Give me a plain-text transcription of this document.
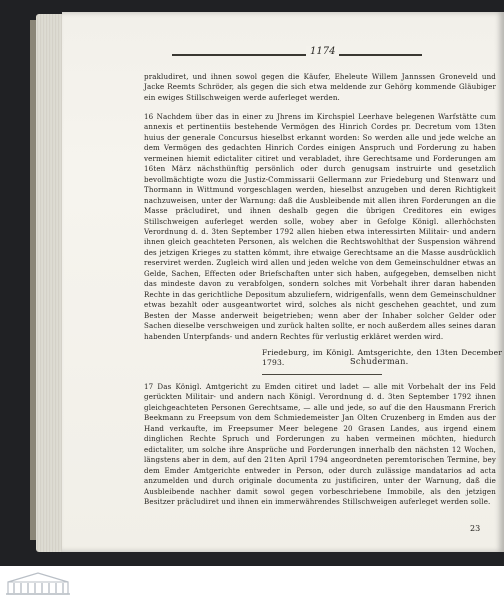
1174
prakludiret, und ihnen sowol gegen die Käufer, Eheleute Willem Jannssen Groneveld und Jacke Reemts Schröder, als gegen die sich etwa meldende zur Gehörg kommende Gläubiger ein ewiges Stillschweigen werde auferleget werden.
16 Nachdem über das in einer zu Jhrens im Kirchspiel Leerhave belegenen Warfstätte cum annexis et pertinentiis bestehende Vermögen des Hinrich Cordes pr. Decretum vom 13ten huius der generale Concursus hieselbst erkannt worden: So werden alle und jede welche an dem Vermögen des gedachten Hinrich Cordes einigen Anspruch und Forderung zu haben vermeinen hiemit edictaliter citiret und verabladet, ihre Gerechtsame und Forderungen am 16ten März nächsthünftig persönlich oder durch genugsam instruirte und gesetzlich bevollmächtigte wozu die Justiz-Commissarii Gellermann zur Friedeburg und Stenwarz und Thormann in Wittmund vorgeschlagen werden, hieselbst anzugeben und deren Richtigkeit nachzuweisen, unter der Warnung: daß die Ausbleibende mit allen ihren Forderungen an die Masse präcludiret, und ihnen deshalb gegen die übrigen Creditores ein ewiges Stillschweigen auferleget werden solle, wobey aber in Gefolge Königl. allerhöchsten Verordnung d. d. 3ten September 1792 allen hieben etwa interessirten Militair- und andern ihnen gleich geachteten Personen, als welchen die Rechtswohlthat der Suspension während des jetzigen Krieges zu statten kömmt, ihre etwaige Gerechtsame an die Masse ausdrücklich reserviret werden. Zugleich wird allen und jeden welche von dem Gemeinschuldner etwas an Gelde, Sachen, Effecten oder Briefschaften unter sich haben, aufgegeben, demselben nicht das mindeste davon zu verabfolgen, sondern solches mit Vorbehalt ihrer daran habenden Rechte in das gerichtliche Depositum abzuliefern, widrigenfalls, wenn dem Gemeinschuldner etwas bezahlt oder ausgeantwortet wird, solches als nicht geschehen geachtet, und zum Besten der Masse anderweit beigetrieben; wenn aber der Inhaber solcher Gelder oder Sachen dieselbe verschweigen und zurück halten sollte, er noch außerdem alles seines daran habenden Unterpfands- und andern Rechtes für verlustig erkläret werden wird.
Friedeburg, im Königl. Amtsgerichte, den 13ten December 1793.	Schuderman.
17 Das Königl. Amtgericht zu Emden citiret und ladet — alle mit Vorbehalt der ins Feld gerückten Militair- und andern nach Königl. Verordnung d. d. 3ten September 1792 ihnen gleichgeachteten Personen Gerechtsame, — alle und jede, so auf die den Hausmann Frerich Beekmann zu Freepsum von dem Schmiedemeister Jan Olten Cruzenberg in Emden aus der Hand verkaufte, im Freepsumer Meer belegene 20 Grasen Landes, aus irgend einem dinglichen Rechte Spruch und Forderungen zu haben vermeinen möchten, hiedurch edictaliter, um solche ihre Ansprüche und Forderungen innerhalb den nächsten 12 Wochen, längstens aber in dem, auf den 21ten April 1794 angeordneten peremtorischen Termine, bey dem Emder Amtgerichte entweder in Person, oder durch zulässige mandatarios ad acta anzumelden und durch originale documenta zu justificiren, unter der Warnung, daß die Ausbleibende nachher damit sowol gegen vorbeschriebene Immobile, als den jetzigen Besitzer präcludiret und ihnen ein immerwährendes Stillschweigen auferleget werden solle.
23
